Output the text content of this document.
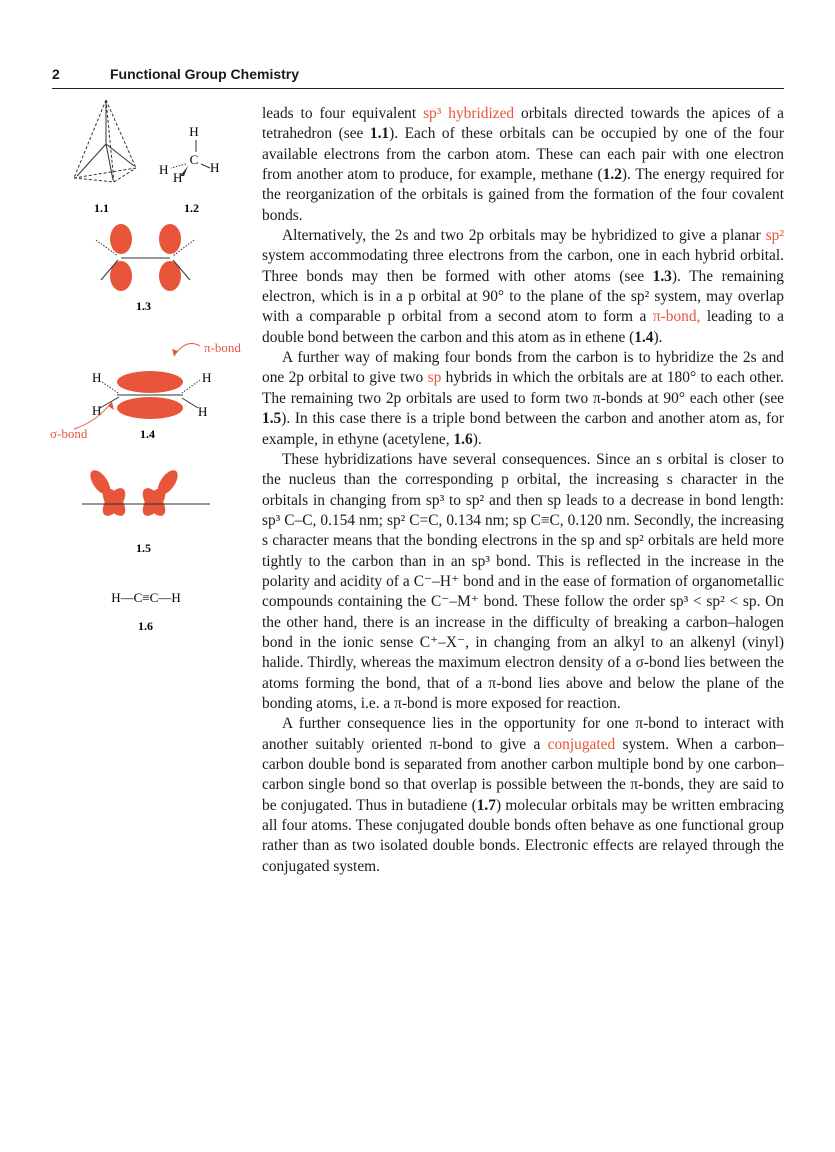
2	Functional Group Chemistry
1.1
H
C
H	H
H
1.2
1.3
π-bond
H	H
H	H
σ-bond	1.4
1.5
H—C≡C—H
1.6

leads to four equivalent sp³ hybridized orbitals directed towards the apices of a tetrahedron (see 1.1). Each of these orbitals can be occupied by one of the four available electrons from the carbon atom. These can each pair with one electron from another atom to produce, for example, methane (1.2). The energy required for the reorganization of the orbitals is gained from the formation of the four covalent bonds.

Alternatively, the 2s and two 2p orbitals may be hybridized to give a planar sp² system accommodating three electrons from the carbon, one in each hybrid orbital. Three bonds may then be formed with other atoms (see 1.3). The remaining electron, which is in a p orbital at 90° to the plane of the sp² system, may overlap with a comparable p orbital from a second atom to form a π-bond, leading to a double bond between the carbon and this atom as in ethene (1.4).

A further way of making four bonds from the carbon is to hybridize the 2s and one 2p orbital to give two sp hybrids in which the orbitals are at 180° to each other. The remaining two 2p orbitals are used to form two π-bonds at 90° each other (see 1.5). In this case there is a triple bond between the carbon and another atom as, for example, in ethyne (acetylene, 1.6).

These hybridizations have several consequences. Since an s orbital is closer to the nucleus than the corresponding p orbital, the increasing s character in the orbitals in changing from sp³ to sp² and then sp leads to a decrease in bond length: sp³ C–C, 0.154 nm; sp² C=C, 0.134 nm; sp C≡C, 0.120 nm. Secondly, the increasing s character means that the bonding electrons in the sp and sp² orbitals are held more tightly to the carbon than in an sp³ bond. This is reflected in the increase in the polarity and acidity of a C⁻–H⁺ bond and in the ease of formation of organometallic compounds containing the C⁻–M⁺ bond. These follow the order sp³ < sp² < sp. On the other hand, there is an increase in the difficulty of breaking a carbon–halogen bond in the ionic sense C⁺–X⁻, in changing from an alkyl to an alkenyl (vinyl) halide. Thirdly, whereas the maximum electron density of a σ-bond lies between the atoms forming the bond, that of a π-bond lies above and below the plane of the bonding atoms, i.e. a π-bond is more exposed for reaction.

A further consequence lies in the opportunity for one π-bond to interact with another suitably oriented π-bond to give a conjugated system. When a carbon–carbon double bond is separated from another carbon multiple bond by one carbon–carbon single bond so that overlap is possible between the π-bonds, they are said to be conjugated. Thus in butadiene (1.7) molecular orbitals may be written embracing all four atoms. These conjugated double bonds often behave as one functional group rather than as two isolated double bonds. Electronic effects are relayed through the conjugated system.
